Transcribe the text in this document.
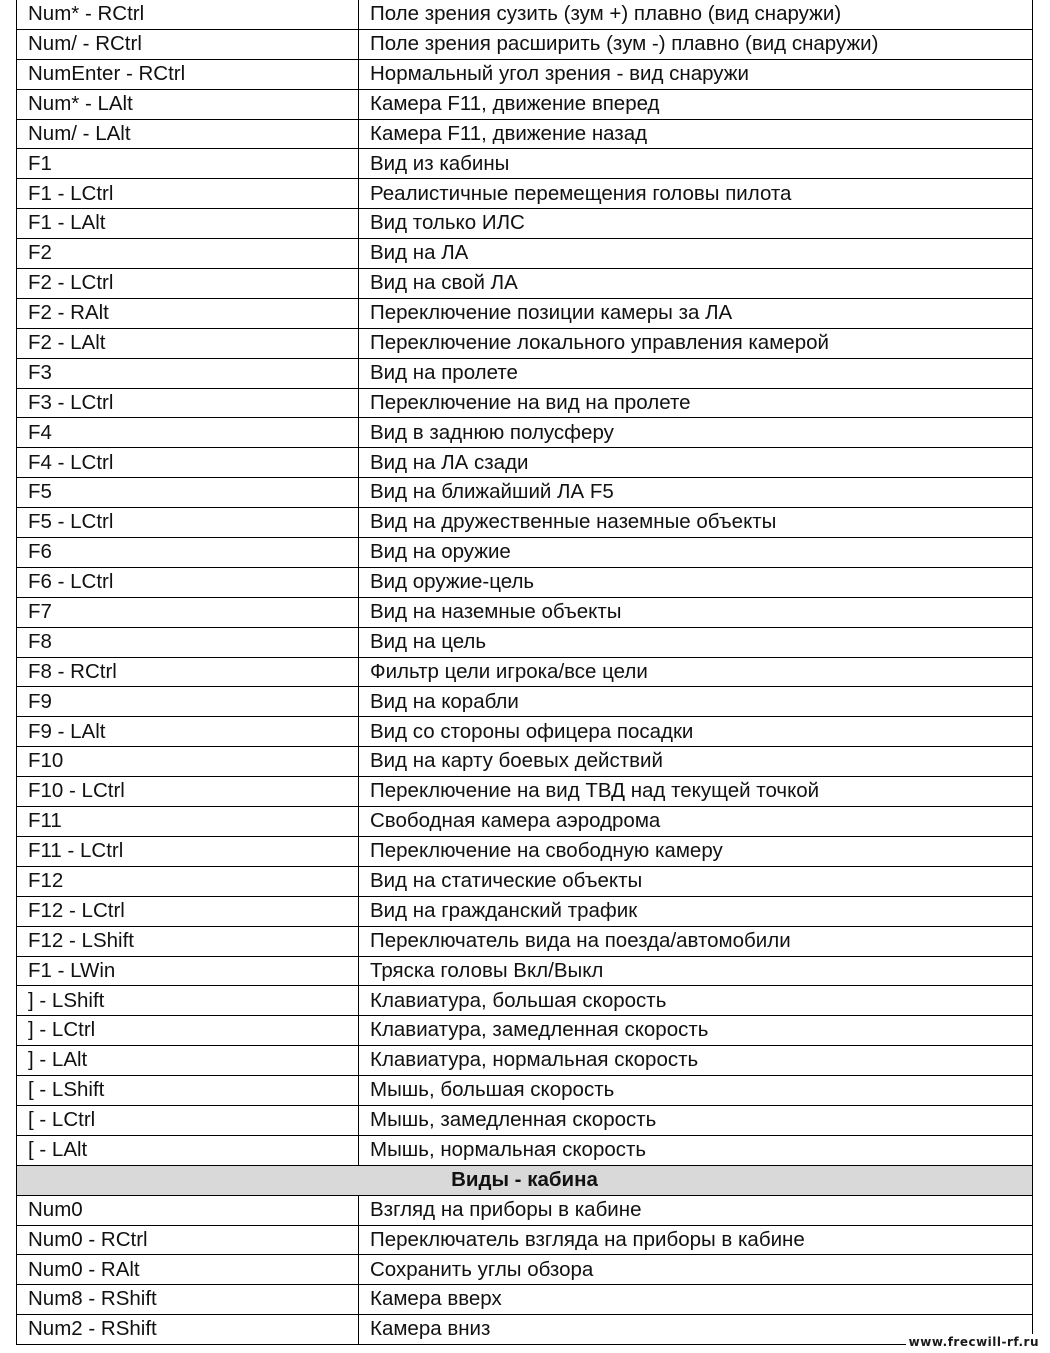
Num* - RCtrl	Поле зрения сузить (зум +) плавно (вид снаружи)
Num/ - RCtrl	Поле зрения расширить (зум -) плавно (вид снаружи)
NumEnter - RCtrl	Нормальный угол зрения - вид снаружи
Num* - LAlt	Камера F11, движение вперед
Num/ - LAlt	Камера F11, движение назад
F1	Вид из кабины
F1 - LCtrl	Реалистичные перемещения головы пилота
F1 - LAlt	Вид только ИЛС
F2	Вид на ЛА
F2 - LCtrl	Вид на свой ЛА
F2 - RAlt	Переключение позиции камеры за ЛА
F2 - LAlt	Переключение локального управления камерой
F3	Вид на пролете
F3 - LCtrl	Переключение на вид на пролете
F4	Вид в заднюю полусферу
F4 - LCtrl	Вид на ЛА сзади
F5	Вид на ближайший ЛА F5
F5 - LCtrl	Вид на дружественные наземные объекты
F6	Вид на оружие
F6 - LCtrl	Вид оружие-цель
F7	Вид на наземные объекты
F8	Вид на цель
F8 - RCtrl	Фильтр цели игрока/все цели
F9	Вид на корабли
F9 - LAlt	Вид со стороны офицера посадки
F10	Вид на карту боевых действий
F10 - LCtrl	Переключение на вид ТВД над текущей точкой
F11	Свободная камера аэродрома
F11 - LCtrl	Переключение на свободную камеру
F12	Вид на статические объекты
F12 - LCtrl	Вид на гражданский трафик
F12 - LShift	Переключатель вида на поезда/автомобили
F1 - LWin	Тряска головы Вкл/Выкл
] - LShift	Клавиатура, большая скорость
] - LCtrl	Клавиатура, замедленная скорость
] - LAlt	Клавиатура, нормальная скорость
[ - LShift	Мышь, большая скорость
[ - LCtrl	Мышь, замедленная скорость
[ - LAlt	Мышь, нормальная скорость
Виды - кабина	
Num0	Взгляд на приборы в кабине
Num0 - RCtrl	Переключатель взгляда на приборы в кабине
Num0 - RAlt	Сохранить углы обзора
Num8 - RShift	Камера вверх
Num2 - RShift	Камера вниз
www.frecwill-rf.ru
